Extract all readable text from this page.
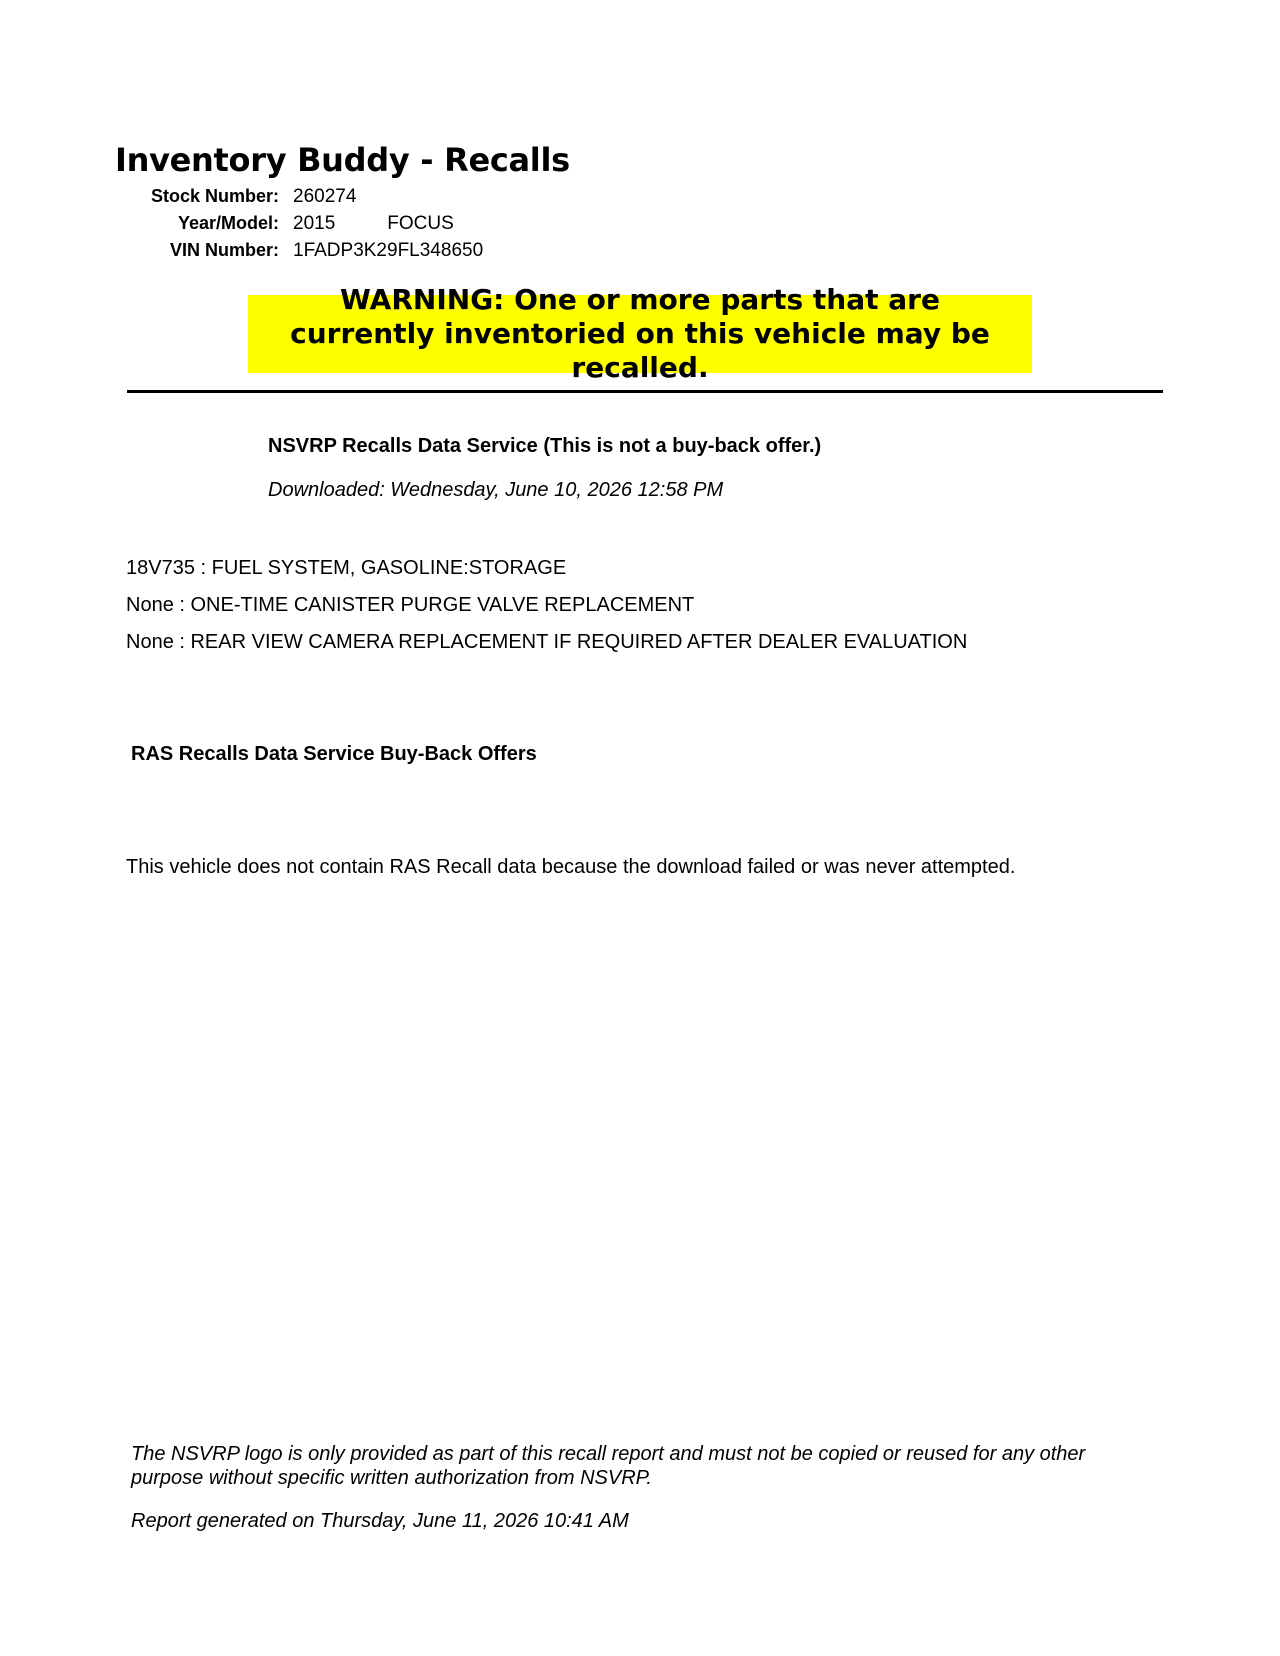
Inventory Buddy - Recalls
Stock Number: 260274
Year/Model: 2015	FOCUS
VIN Number: 1FADP3K29FL348650
WARNING: One or more parts that are currently inventoried on this vehicle may be recalled.
NSVRP Recalls Data Service (This is not a buy-back offer.)
Downloaded: Wednesday, June 10, 2026 12:58 PM
18V735 : FUEL SYSTEM, GASOLINE:STORAGE
None : ONE-TIME CANISTER PURGE VALVE REPLACEMENT
None : REAR VIEW CAMERA REPLACEMENT IF REQUIRED AFTER DEALER EVALUATION
RAS Recalls Data Service Buy-Back Offers
This vehicle does not contain RAS Recall data because the download failed or was never attempted.
The NSVRP logo is only provided as part of this recall report and must not be copied or reused for any other purpose without specific written authorization from NSVRP.
Report generated on Thursday, June 11, 2026 10:41 AM
